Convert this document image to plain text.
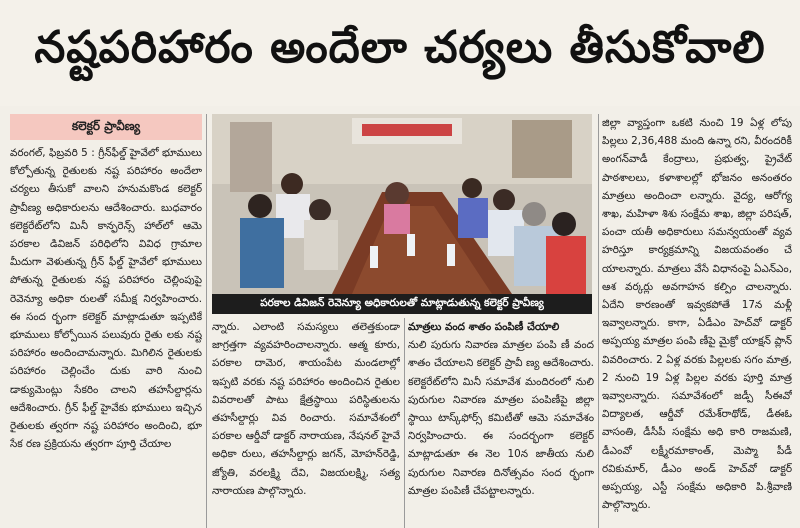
నష్టపరిహారం అందేలా చర్యలు తీసుకోవాలి
కలెక్టర్ ప్రావీణ్య

వరంగల్, ఫిబ్రవరి 5 : గ్రీన్‌ఫీల్డ్ హైవేలో భూములు కోల్పోతున్న రైతులకు నష్ట పరిహారం అందేలా చర్యలు తీసుకో వాలని హనుమకొండ కలెక్టర్ ప్రావీణ్య అధికారులను ఆదేశించారు. బుధవారం కలెక్టరేట్‌లోని మినీ కాన్ఫరెన్స్ హాల్‌లో ఆమె పరకాల డివిజన్ పరిధిలోని వివిధ గ్రామాల మీదుగా వెళుతున్న గ్రీన్ ఫీల్డ్ హైవేలో భూములు పోతున్న రైతులకు నష్ట పరిహారం చెల్లింపుపై రెవెన్యూ అధికా రులతో సమీక్ష నిర్వహించారు. ఈ సంద ర్భంగా కలెక్టర్ మాట్లాడుతూ ఇప్పటికే భూములు కోల్పోయిన పలువురు రైతు లకు నష్ట పరిహారం అందించామన్నారు. మిగిలిన రైతులకు పరిహారం చెల్లించేం దుకు వారి నుంచి డాక్యుమెంట్లు సేకరిం చాలని తహసీల్దార్లను ఆదేశించారు. గ్రీన్ ఫీల్డ్ హైవేకు భూములు ఇచ్చిన రైతులకు త్వరగా నష్ట పరిహారం అందించి, భూ సేక రణ ప్రక్రియను త్వరగా పూర్తి చేయాల

పరకాల డివిజన్ రెవెన్యూ అధికారులతో మాట్లాడుతున్న కలెక్టర్ ప్రావీణ్య

న్నారు. ఎలాంటి సమస్యలు తలెత్తకుండా జాగ్రత్తగా వ్యవహరించాలన్నారు. ఆత్మ కూరు, పరకాల దామెర, శాయంపేట మండలాల్లో ఇప్పటి వరకు నష్ట పరిహారం అందించిన రైతుల వివరాలతో పాటు క్షేత్రస్థాయి పరిస్థితులను తహసీల్దార్లు వివ రించారు. సమావేశంలో పరకాల ఆర్డీవో డాక్టర్ నారాయణ, నేషనల్ హైవే అధికా రులు, తహసీల్దార్లు జగన్, మోహన్‌రెడ్డి, జ్యోతి, వరలక్ష్మి దేవి, విజయలక్ష్మి, సత్య నారాయణ పాల్గొన్నారు.

మాత్రలు వంద శాతం పంపిణీ చేయాలి

నులి పురుగు నివారణ మాత్రల పంపి ణీ వంద శాతం చేయాలని కలెక్టర్ ప్రావీ ణ్య ఆదేశించారు. కలెక్టరేట్‌లోని మినీ సమావేశ మందిరంలో నులి పురుగుల నివారణ మాత్రల పంపిణీపై జిల్లా స్థాయి టాస్క్‌ఫోర్స్ కమిటీతో ఆమె సమావేశం నిర్వహించారు. ఈ సందర్భంగా కలెక్టర్ మాట్లాడుతూ ఈ నెల 10న జాతీయ నులి పురుగుల నివారణ దినోత్సవం సంద ర్భంగా మాత్రల పంపిణీ చేపట్టాలన్నారు.

జిల్లా వ్యాప్తంగా ఒకటి నుంచి 19 ఏళ్ల లోపు పిల్లలు 2,36,488 మంది ఉన్నా రని, వీరందరికీ అంగన్‌వాడీ కేంద్రాలు, ప్రభుత్వ, ప్రైవేట్ పాఠశాలలు, కళాశాలల్లో భోజనం అనంతరం మాత్రలు అందించా లన్నారు. వైద్య, ఆరోగ్య శాఖ, మహిళా శిశు సంక్షేమ శాఖ, జిల్లా పరిషత్, పంచా యతీ అధికారులు సమన్వయంతో వ్యవ హరిస్తూ కార్యక్రమాన్ని విజయవంతం చే యాలన్నారు. మాత్రలు వేసే విధానంపై ఏఎన్‌ఎం, ఆశ వర్కర్లు అవగాహన కల్పిం చాలన్నారు. ఏదేని కారణంతో ఇవ్వకపోతే 17న మళ్లీ ఇవ్వాలన్నారు. కాగా, ఏడీఎం హెచ్‌వో డాక్టర్ అప్పయ్య మాత్రల పంపి ణీపై మైక్రో యాక్షన్ ప్లాన్ వివరించారు. 2 ఏళ్ల వరకు పిల్లలకు సగం మాత్ర, 2 నుంచి 19 ఏళ్ల పిల్లల వరకు పూర్తి మాత్ర ఇవ్వాలన్నారు. సమావేశంలో జడ్పీ సీఈవో విద్యాలత, ఆర్డీవో రమేశ్‌రాథోడ్, డీఈఓ వాసంతి, డీసీపీ సంక్షేమ అధి కారి రాజమణి, డీఎంవో లక్ష్మీరమాకాంత్, మెప్మా పీడీ రవికుమార్, డీఎం అండ్ హెచ్‌వో డాక్టర్ అప్పయ్య, ఎస్టీ సంక్షేమ అధికారి పి.శ్రీవాణి పాల్గొన్నారు.
